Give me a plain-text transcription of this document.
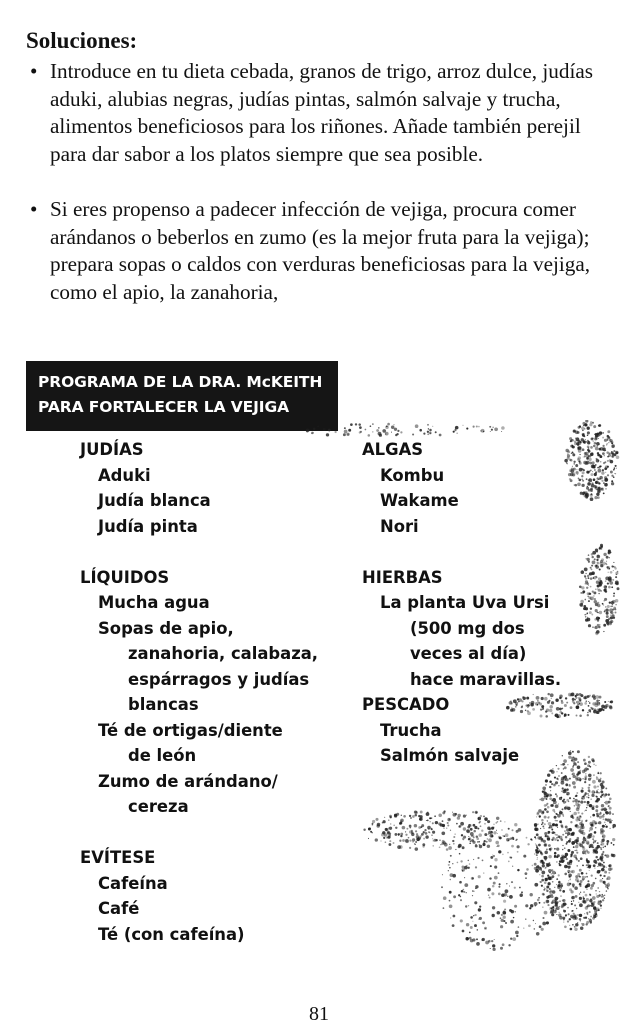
Soluciones:
• Introduce en tu dieta cebada, granos de trigo, arroz dulce, judías aduki, alubias negras, judías pintas, salmón salvaje y trucha, alimentos beneficiosos para los riñones. Añade también perejil para dar sabor a los platos siempre que sea posible.
• Si eres propenso a padecer infección de vejiga, procura comer arándanos o beberlos en zumo (es la mejor fruta para la vejiga); prepara sopas o caldos con verduras beneficiosas para la vejiga, como el apio, la zanahoria,
PROGRAMA DE LA DRA. McKEITH
PARA FORTALECER LA VEJIGA
JUDÍAS
Aduki
Judía blanca
Judía pinta
LÍQUIDOS
Mucha agua
Sopas de apio,
zanahoria, calabaza,
espárragos y judías
blancas
Té de ortigas/diente
de león
Zumo de arándano/
cereza
EVÍTESE
Cafeína
Café
Té (con cafeína)
ALGAS
Kombu
Wakame
Nori
HIERBAS
La planta Uva Ursi
(500 mg dos
veces al día)
hace maravillas.
PESCADO
Trucha
Salmón salvaje
81
